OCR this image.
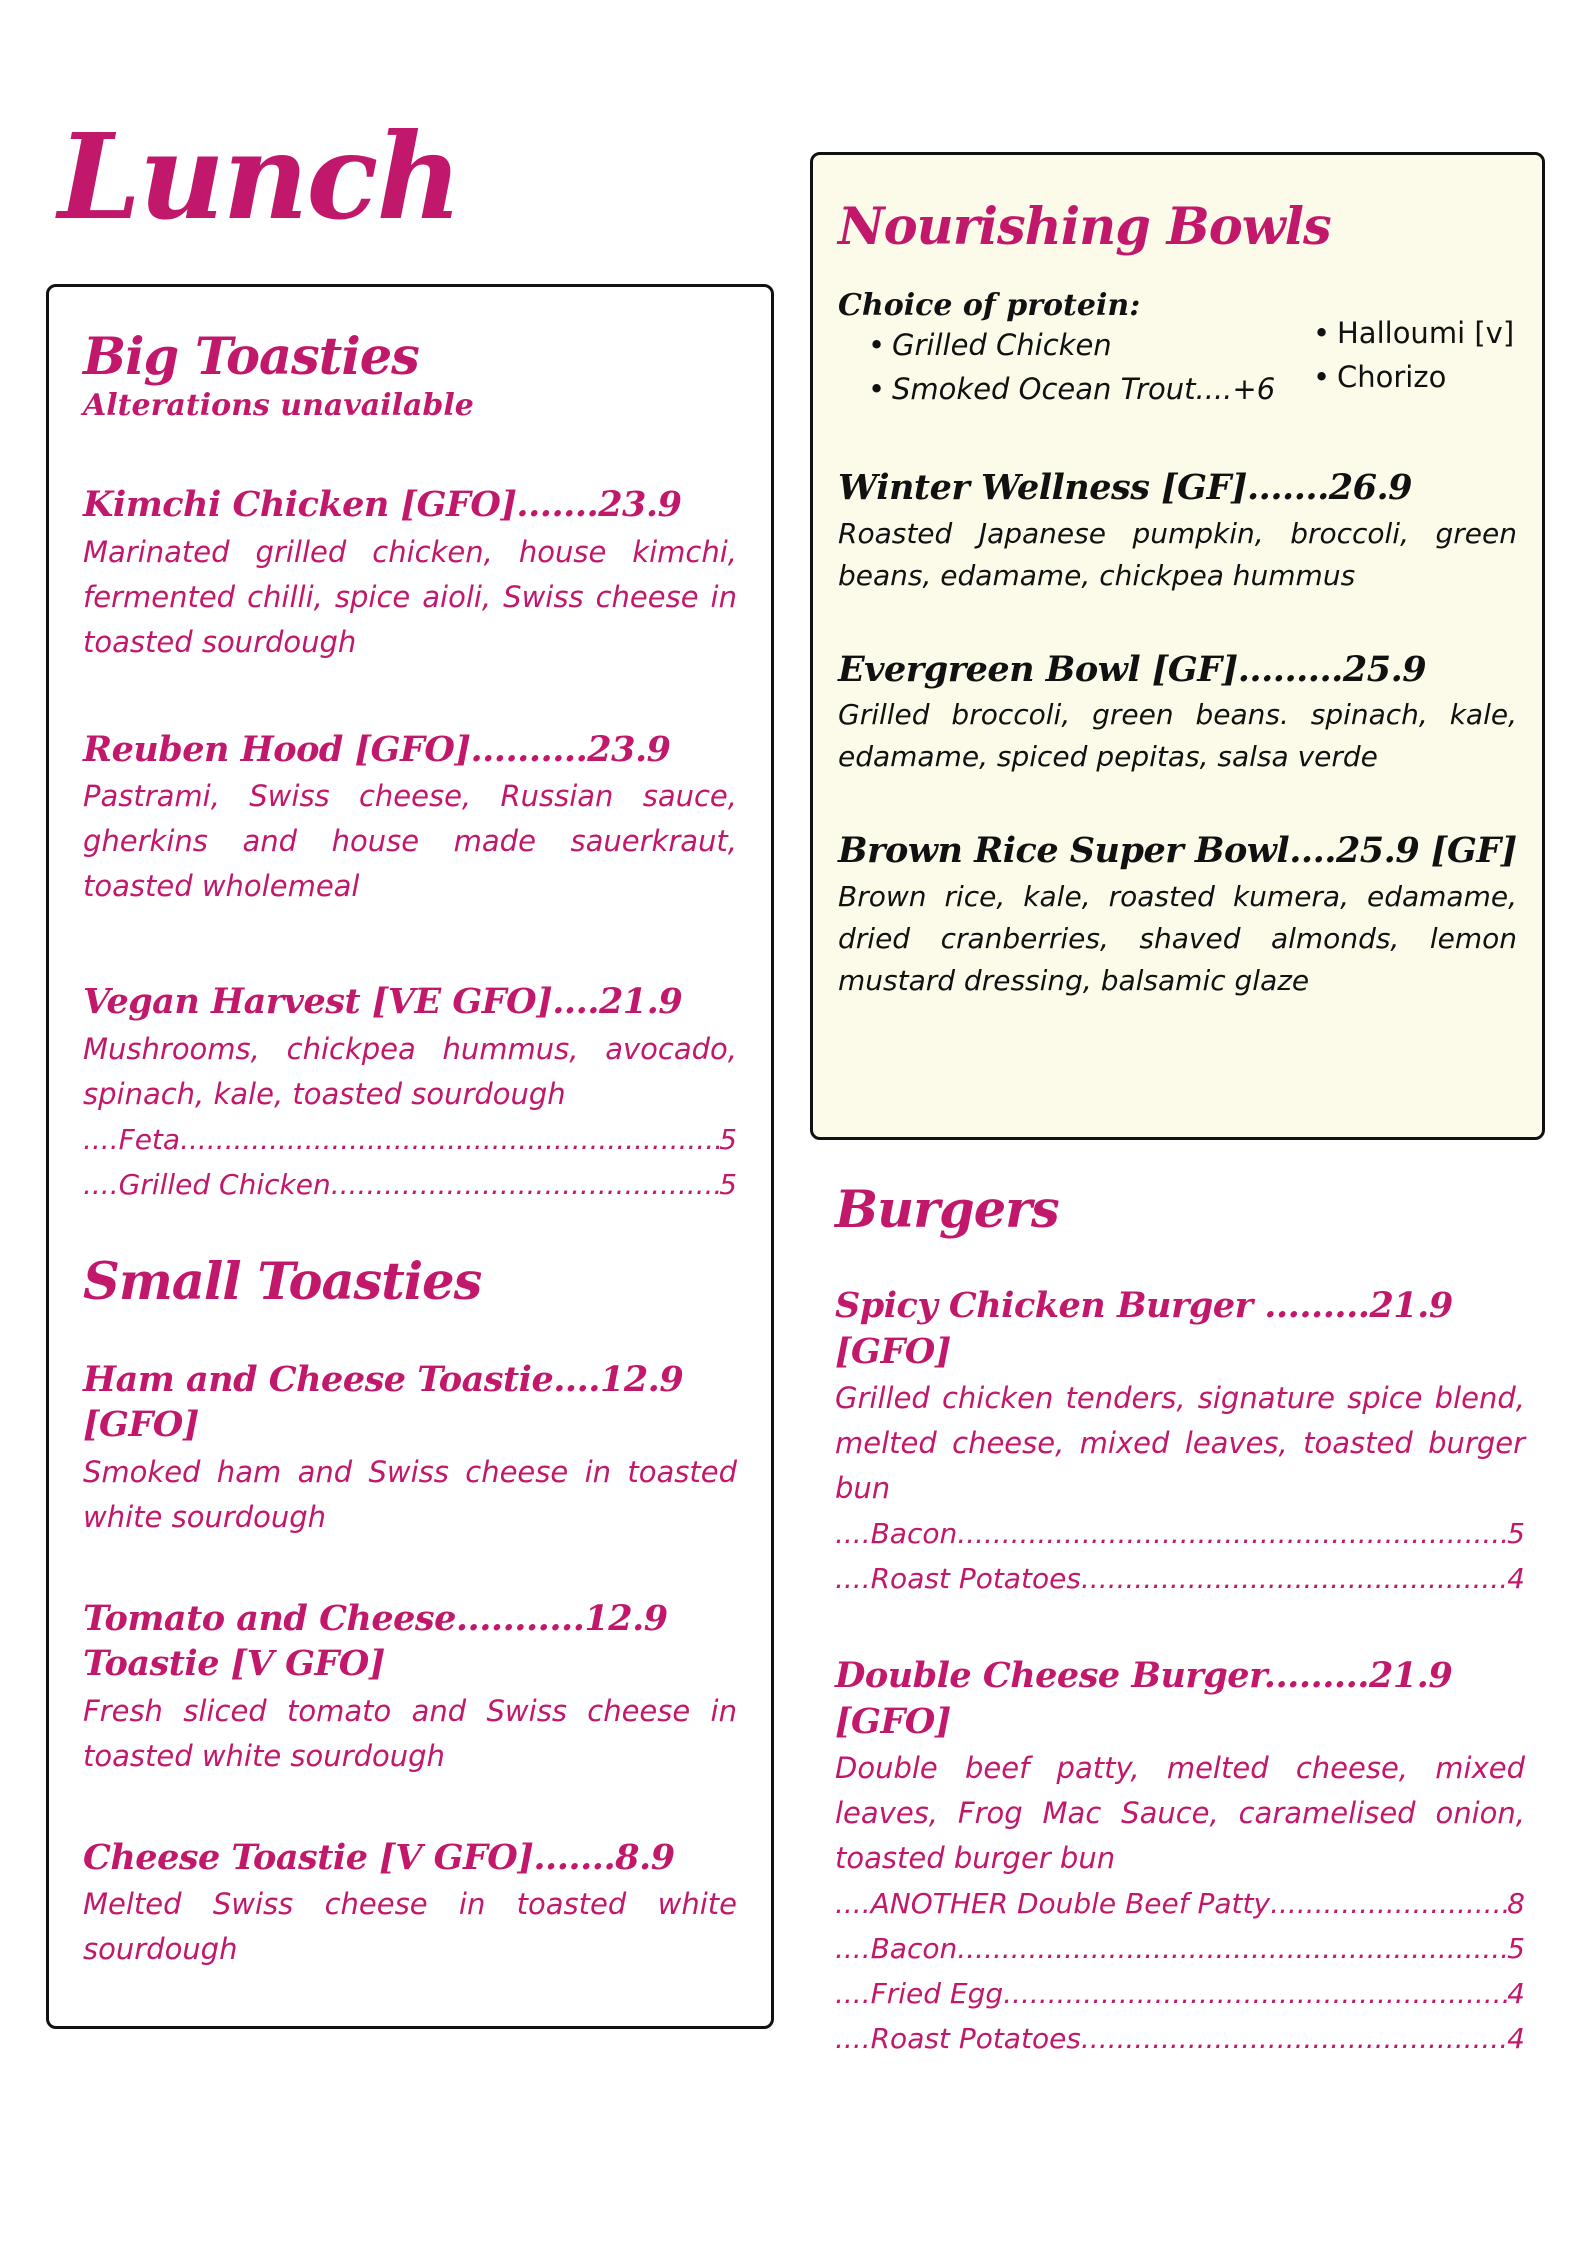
Lunch
Big Toasties

Alterations unavailable

Kimchi Chicken [GFO].......23.9

Marinated grilled chicken, house kimchi, fermented chilli, spice aioli, Swiss cheese in toasted sourdough

Reuben Hood [GFO]..........23.9

Pastrami, Swiss cheese, Russian sauce, gherkins and house made sauerkraut, toasted wholemeal

Vegan Harvest [VE GFO]....21.9

Mushrooms, chickpea hummus, avocado, spinach, kale, toasted sourdough

....Feta .....	5
....Grilled Chicken .....	5
Small Toasties

Ham and Cheese Toastie....12.9 [GFO]

Smoked ham and Swiss cheese in toasted white sourdough

Tomato and Cheese...........12.9 Toastie [V GFO]

Fresh sliced tomato and Swiss cheese in toasted white sourdough

Cheese Toastie [V GFO].......8.9

Melted Swiss cheese in toasted white sourdough

Nourishing Bowls

Choice of protein:

• Grilled Chicken
• Smoked Ocean Trout....+6
• Halloumi [v]
• Chorizo

Winter Wellness [GF].......26.9

Roasted Japanese pumpkin, broccoli, green beans, edamame, chickpea hummus

Evergreen Bowl [GF].........25.9

Grilled broccoli, green beans. spinach, kale, edamame, spiced pepitas, salsa verde

Brown Rice Super Bowl....25.9 [GF]

Brown rice, kale, roasted kumera, edamame, dried cranberries, shaved almonds, lemon mustard dressing, balsamic glaze

Burgers

Spicy Chicken Burger .........21.9 [GFO]

Grilled chicken tenders, signature spice blend, melted cheese, mixed leaves, toasted burger bun

....Bacon .....	5
....Roast Potatoes .....	4

Double Cheese Burger.........21.9 [GFO]

Double beef patty, melted cheese, mixed leaves, Frog Mac Sauce, caramelised onion, toasted burger bun

....ANOTHER Double Beef Patty .....	8
....Bacon .....	5
....Fried Egg .....	4
....Roast Potatoes .....	4
